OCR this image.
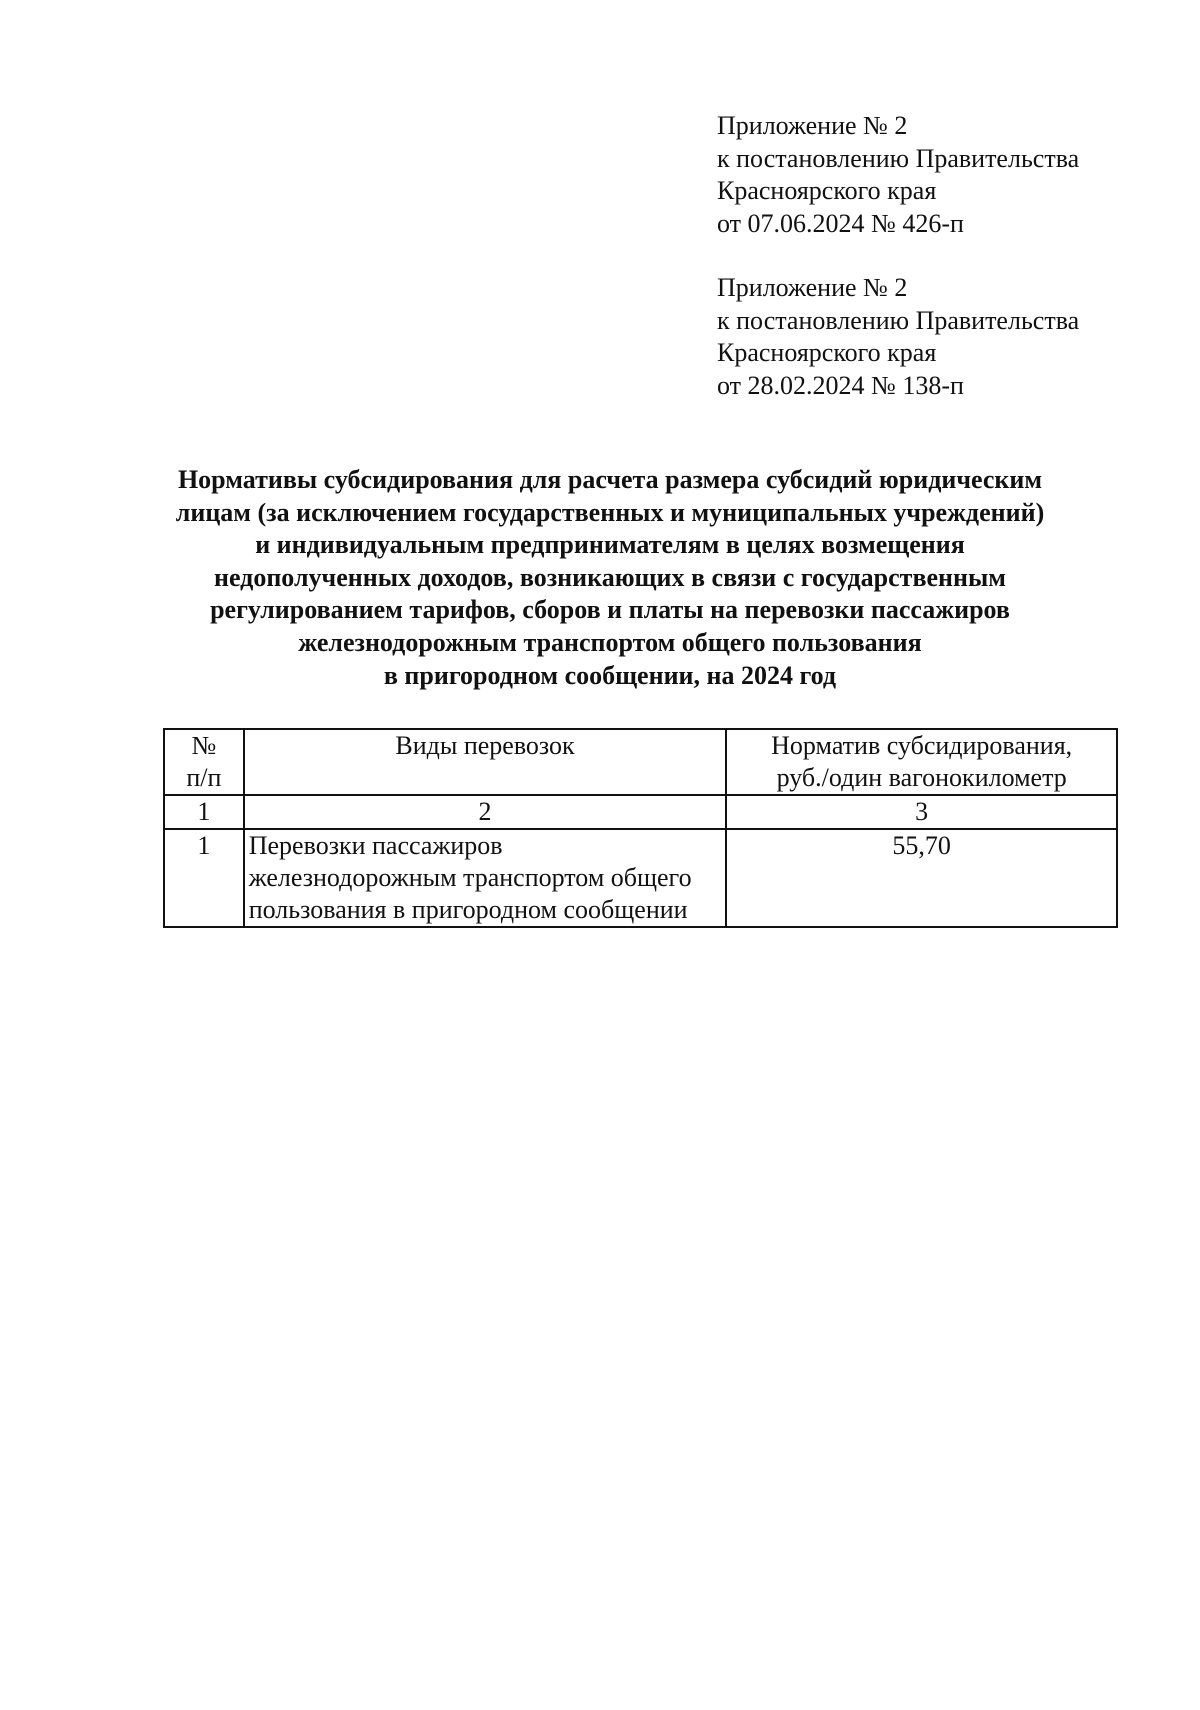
Приложение № 2
к постановлению Правительства
Красноярского края
от 07.06.2024 № 426-п
Приложение № 2
к постановлению Правительства
Красноярского края
от 28.02.2024 № 138-п
Нормативы субсидирования для расчета размера субсидий юридическим
лицам (за исключением государственных и муниципальных учреждений)
и индивидуальным предпринимателям в целях возмещения
недополученных доходов, возникающих в связи с государственным
регулированием тарифов, сборов и платы на перевозки пассажиров
железнодорожным транспортом общего пользования
в пригородном сообщении, на 2024 год
№
п/п	Виды перевозок	Норматив субсидирования,
руб./один вагонокилометр

1	2	3
1	Перевозки пассажиров
железнодорожным транспортом общего
пользования в пригородном сообщении	55,70
